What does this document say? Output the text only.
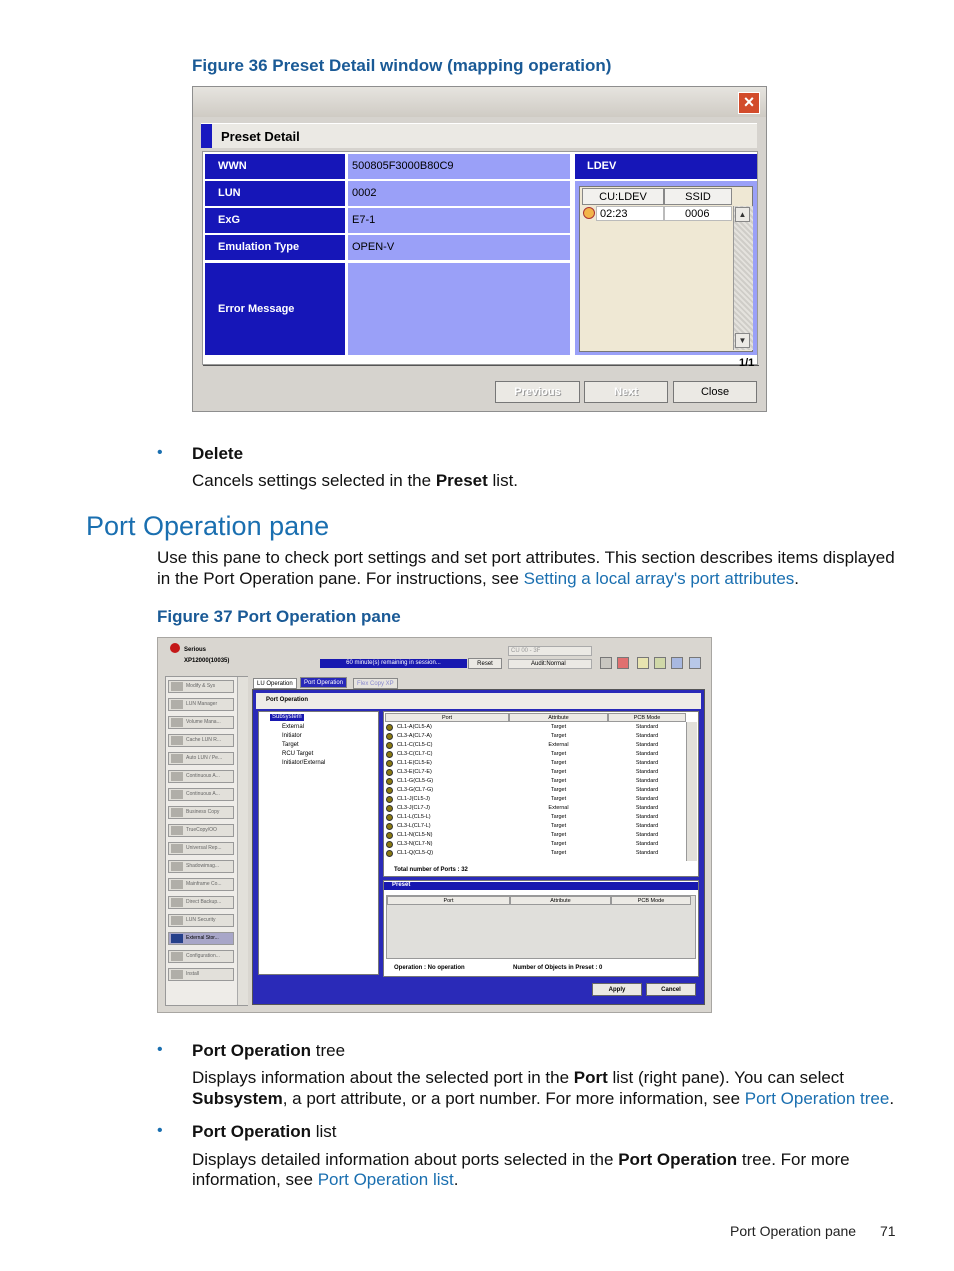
Figure 36 Preset Detail window (mapping operation)
×
Preset Detail
WWN	500805F3000B80C9
LUN	0002
ExG	E7-1
Emulation Type	OPEN-V
Error Message
LDEV
CU:LDEV	SSID
02:23	0006	▲
▼
1/1
Previous	Next	Close
• Delete
Cancels settings selected in the Preset list.
Port Operation pane
Use this pane to check port settings and set port attributes. This section describes items displayed
in the Port Operation pane. For instructions, see Setting a local array's port attributes.
Figure 37 Port Operation pane
Serious
XP12000(10035)	60 minute(s) remaining in session...	Reset
CU 00 - 3F
Audit:Normal
Modify & Sys
LUN Manager
Volume Mana...
Cache LUN R...
Auto LUN / Pe...
Continuous A...
Continuous A...
Business Copy
TrueCopy/OO
Universal Rep...
Shadowimag...
Mainframe Co...
Direct Backup...
LUN Security
External Stor...
Configuration...
Install
LU Operation	Port Operation	Flex Copy XP
Port Operation
Subsystem
External
Initiator
Target
RCU Target
Initiator/External
Port	Attribute	PCB Mode
CL1-A(CL5-A)	Target	Standard
CL3-A(CL7-A)	Target	Standard
CL1-C(CL5-C)	External	Standard
CL3-C(CL7-C)	Target	Standard
CL1-E(CL5-E)	Target	Standard
CL3-E(CL7-E)	Target	Standard
CL1-G(CL5-G)	Target	Standard
CL3-G(CL7-G)	Target	Standard
CL1-J(CL5-J)	Target	Standard
CL3-J(CL7-J)	External	Standard
CL1-L(CL5-L)	Target	Standard
CL3-L(CL7-L)	Target	Standard
CL1-N(CL5-N)	Target	Standard
CL3-N(CL7-N)	Target	Standard
CL1-Q(CL5-Q)	Target	Standard
Total number of Ports : 32
Preset
Port	Attribute	PCB Mode
Operation : No operation	Number of Objects in Preset : 0
Apply	Cancel
• Port Operation tree
Displays information about the selected port in the Port list (right pane). You can select
Subsystem, a port attribute, or a port number. For more information, see Port Operation tree.
• Port Operation list
Displays detailed information about ports selected in the Port Operation tree. For more
information, see Port Operation list.
Port Operation pane 71
